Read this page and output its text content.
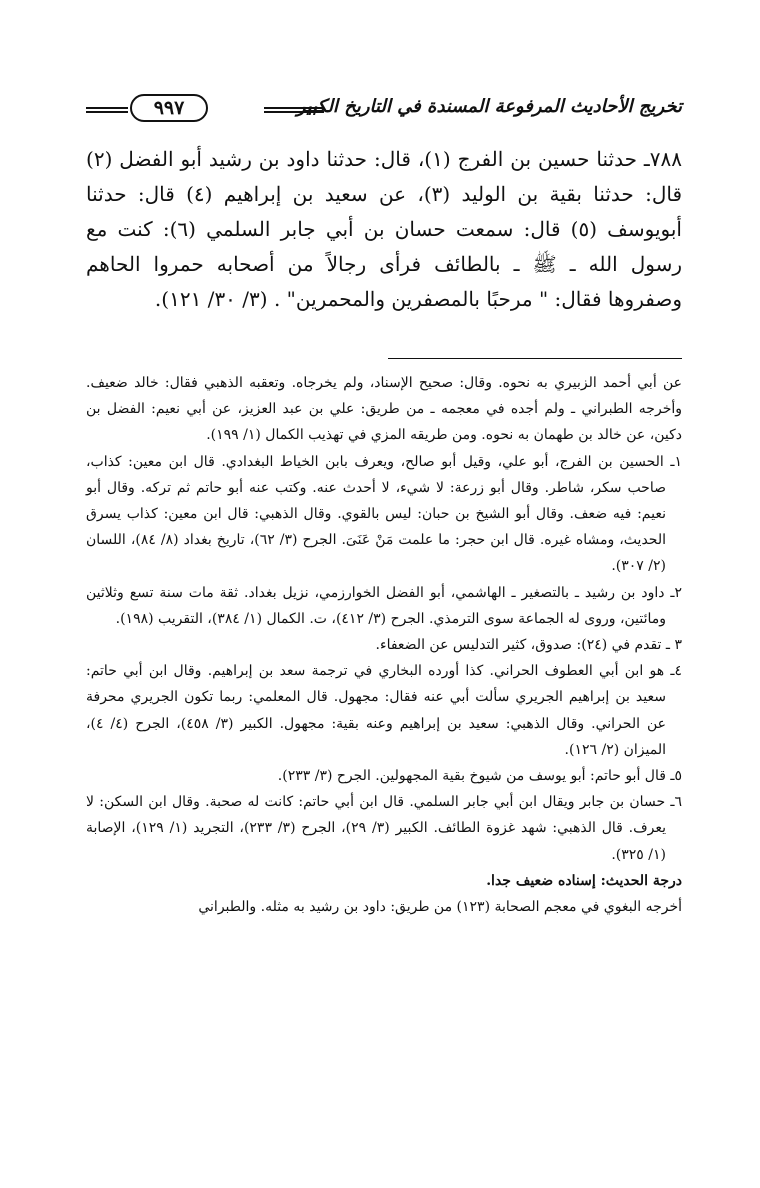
تخريج الأحاديث المرفوعة المسندة في التاريخ الكبير
٩٩٧

٧٨٨ـ حدثنا حسين بن الفرج (١)، قال: حدثنا داود بن رشيد أبو الفضل (٢) قال: حدثنا بقية بن الوليد (٣)، عن سعيد بن إبراهيم (٤) قال: حدثنا أبويوسف (٥) قال: سمعت حسان بن أبي جابر السلمي (٦): كنت مع رسول الله ـ ﷺ ـ بالطائف فرأى رجالاً من أصحابه حمروا الحاهم وصفروها فقال: " مرحبًا بالمصفرين والمحمرين" . (٣/ ٣٠/ ١٢١).

عن أبي أحمد الزبيري به نحوه. وقال: صحيح الإسناد، ولم يخرجاه. وتعقبه الذهبي فقال: خالد ضعيف. وأخرجه الطبراني ـ ولم أجده في معجمه ـ من طريق: علي بن عبد العزيز، عن أبي نعيم: الفضل بن دكين، عن خالد بن طهمان به نحوه. ومن طريقه المزي في تهذيب الكمال (١/ ١٩٩).

١ـ الحسين بن الفرج، أبو علي، وقيل أبو صالح، ويعرف بابن الخياط البغدادي. قال ابن معين: كذاب، صاحب سكر، شاطر. وقال أبو زرعة: لا شيء، لا أحدث عنه. وكتب عنه أبو حاتم ثم تركه. وقال أبو نعيم: فيه ضعف. وقال أبو الشيخ بن حبان: ليس بالقوي. وقال الذهبي: قال ابن معين: كذاب يسرق الحديث، ومشاه غيره. قال ابن حجر: ما علمت مَنْ عَنَىَ. الجرح (٣/ ٦٢)، تاريخ بغداد (٨/ ٨٤)، اللسان (٢/ ٣٠٧).

٢ـ داود بن رشيد ـ بالتصغير ـ الهاشمي، أبو الفضل الخوارزمي، نزيل بغداد. ثقة مات سنة تسع وثلاثين ومائتين، وروى له الجماعة سوى الترمذي. الجرح (٣/ ٤١٢)، ت. الكمال (١/ ٣٨٤)، التقريب (١٩٨).

٣ ـ تقدم في (٢٤): صدوق، كثير التدليس عن الضعفاء.

٤ـ هو ابن أبي العطوف الحراني. كذا أورده البخاري في ترجمة سعد بن إبراهيم. وقال ابن أبي حاتم: سعيد بن إبراهيم الجريري سألت أبي عنه فقال: مجهول. قال المعلمي: ربما تكون الجريري محرفة عن الحراني. وقال الذهبي: سعيد بن إبراهيم وعنه بقية: مجهول. الكبير (٣/ ٤٥٨)، الجرح (٤/ ٤)، الميزان (٢/ ١٢٦).

٥ـ قال أبو حاتم: أبو يوسف من شيوخ بقية المجهولين. الجرح (٣/ ٢٣٣).

٦ـ حسان بن جابر ويقال ابن أبي جابر السلمي. قال ابن أبي حاتم: كانت له صحبة. وقال ابن السكن: لا يعرف. قال الذهبي: شهد غزوة الطائف. الكبير (٣/ ٢٩)، الجرح (٣/ ٢٣٣)، التجريد (١/ ١٢٩)، الإصابة (١/ ٣٢٥).

درجة الحديث: إسناده ضعيف جدا.

أخرجه البغوي في معجم الصحابة (١٢٣) من طريق: داود بن رشيد به مثله. والطبراني
